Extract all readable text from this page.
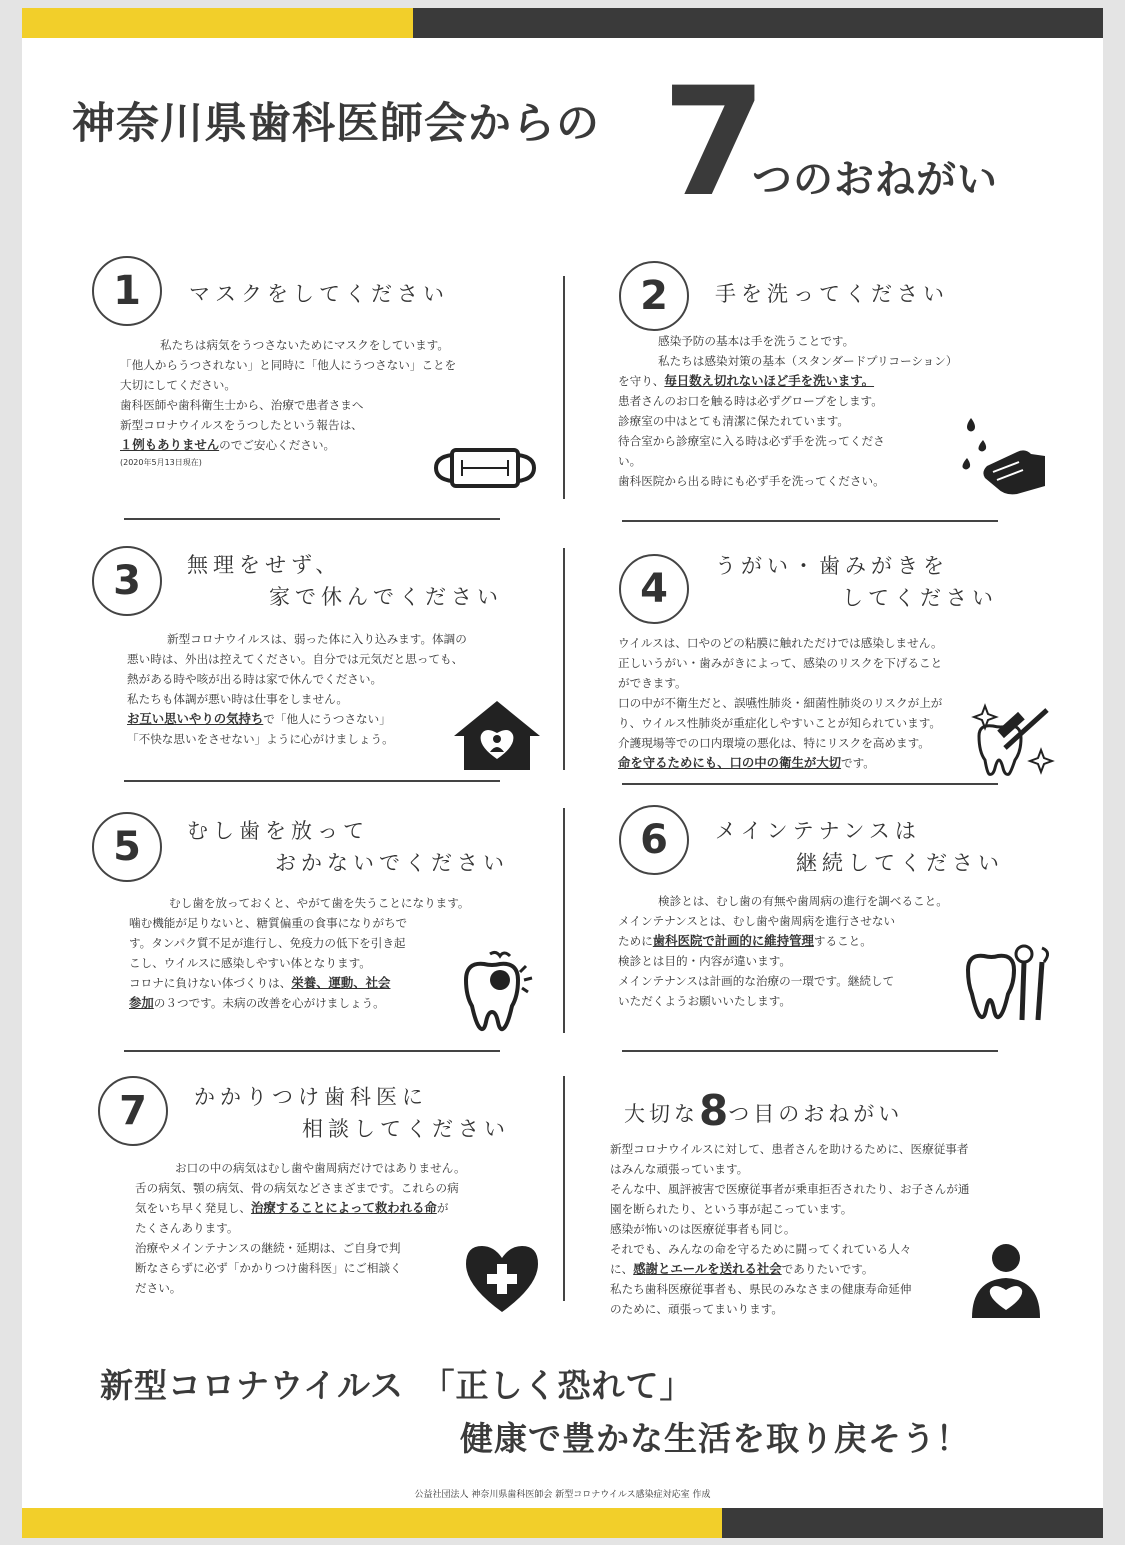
神奈川県歯科医師会からの 7
つのおねがい
1	マスクをしてください

私たちは病気をうつさないためにマスクをしています。

「他人からうつされない」と同時に「他人にうつさない」ことを

大切にしてください。

歯科医師や歯科衛生士から、治療で患者さまへ

新型コロナウイルスをうつしたという報告は、

１例もありませんのでご安心ください。

(2020年5月13日現在)

2	手を洗ってください

感染予防の基本は手を洗うことです。

私たちは感染対策の基本（スタンダードプリコーション）

を守り、毎日数え切れないほど手を洗います。

患者さんのお口を触る時は必ずグローブをします。

診療室の中はとても清潔に保たれています。

待合室から診療室に入る時は必ず手を洗ってくださ

い。

歯科医院から出る時にも必ず手を洗ってください。

3	無理をせず、
家で休んでください

新型コロナウイルスは、弱った体に入り込みます。体調の

悪い時は、外出は控えてください。自分では元気だと思っても、

熱がある時や咳が出る時は家で休んでください。

私たちも体調が悪い時は仕事をしません。

お互い思いやりの気持ちで「他人にうつさない」

「不快な思いをさせない」ように心がけましょう。

4	うがい・歯みがきを
してください

ウイルスは、口やのどの粘膜に触れただけでは感染しません。

正しいうがい・歯みがきによって、感染のリスクを下げること

ができます。

口の中が不衛生だと、誤嚥性肺炎・細菌性肺炎のリスクが上が

り、ウイルス性肺炎が重症化しやすいことが知られています。

介護現場等での口内環境の悪化は、特にリスクを高めます。

命を守るためにも、口の中の衛生が大切です。

5	むし歯を放って
おかないでください

むし歯を放っておくと、やがて歯を失うことになります。

噛む機能が足りないと、糖質偏重の食事になりがちで

す。タンパク質不足が進行し、免疫力の低下を引き起

こし、ウイルスに感染しやすい体となります。

コロナに負けない体づくりは、栄養、運動、社会

参加の３つです。未病の改善を心がけましょう。

6	メインテナンスは
継続してください

検診とは、むし歯の有無や歯周病の進行を調べること。

メインテナンスとは、むし歯や歯周病を進行させない

ために歯科医院で計画的に維持管理すること。

検診とは目的・内容が違います。

メインテナンスは計画的な治療の一環です。継続して

いただくようお願いいたします。

7	かかりつけ歯科医に
相談してください

お口の中の病気はむし歯や歯周病だけではありません。

舌の病気、顎の病気、骨の病気などさまざまです。これらの病

気をいち早く発見し、治療することによって救われる命が

たくさんあります。

治療やメインテナンスの継続・延期は、ご自身で判

断なさらずに必ず「かかりつけ歯科医」にご相談く

ださい。

大切な8つ目のおねがい

新型コロナウイルスに対して、患者さんを助けるために、医療従事者

はみんな頑張っています。

そんな中、風評被害で医療従事者が乗車拒否されたり、お子さんが通

園を断られたり、という事が起こっています。

感染が怖いのは医療従事者も同じ。

それでも、みんなの命を守るために闘ってくれている人々

に、感謝とエールを送れる社会でありたいです。

私たち歯科医療従事者も、県民のみなさまの健康寿命延伸

のために、頑張ってまいります。

新型コロナウイルス　「正しく恐れて」
健康で豊かな生活を取り戻そう！
公益社団法人 神奈川県歯科医師会 新型コロナウイルス感染症対応室 作成
